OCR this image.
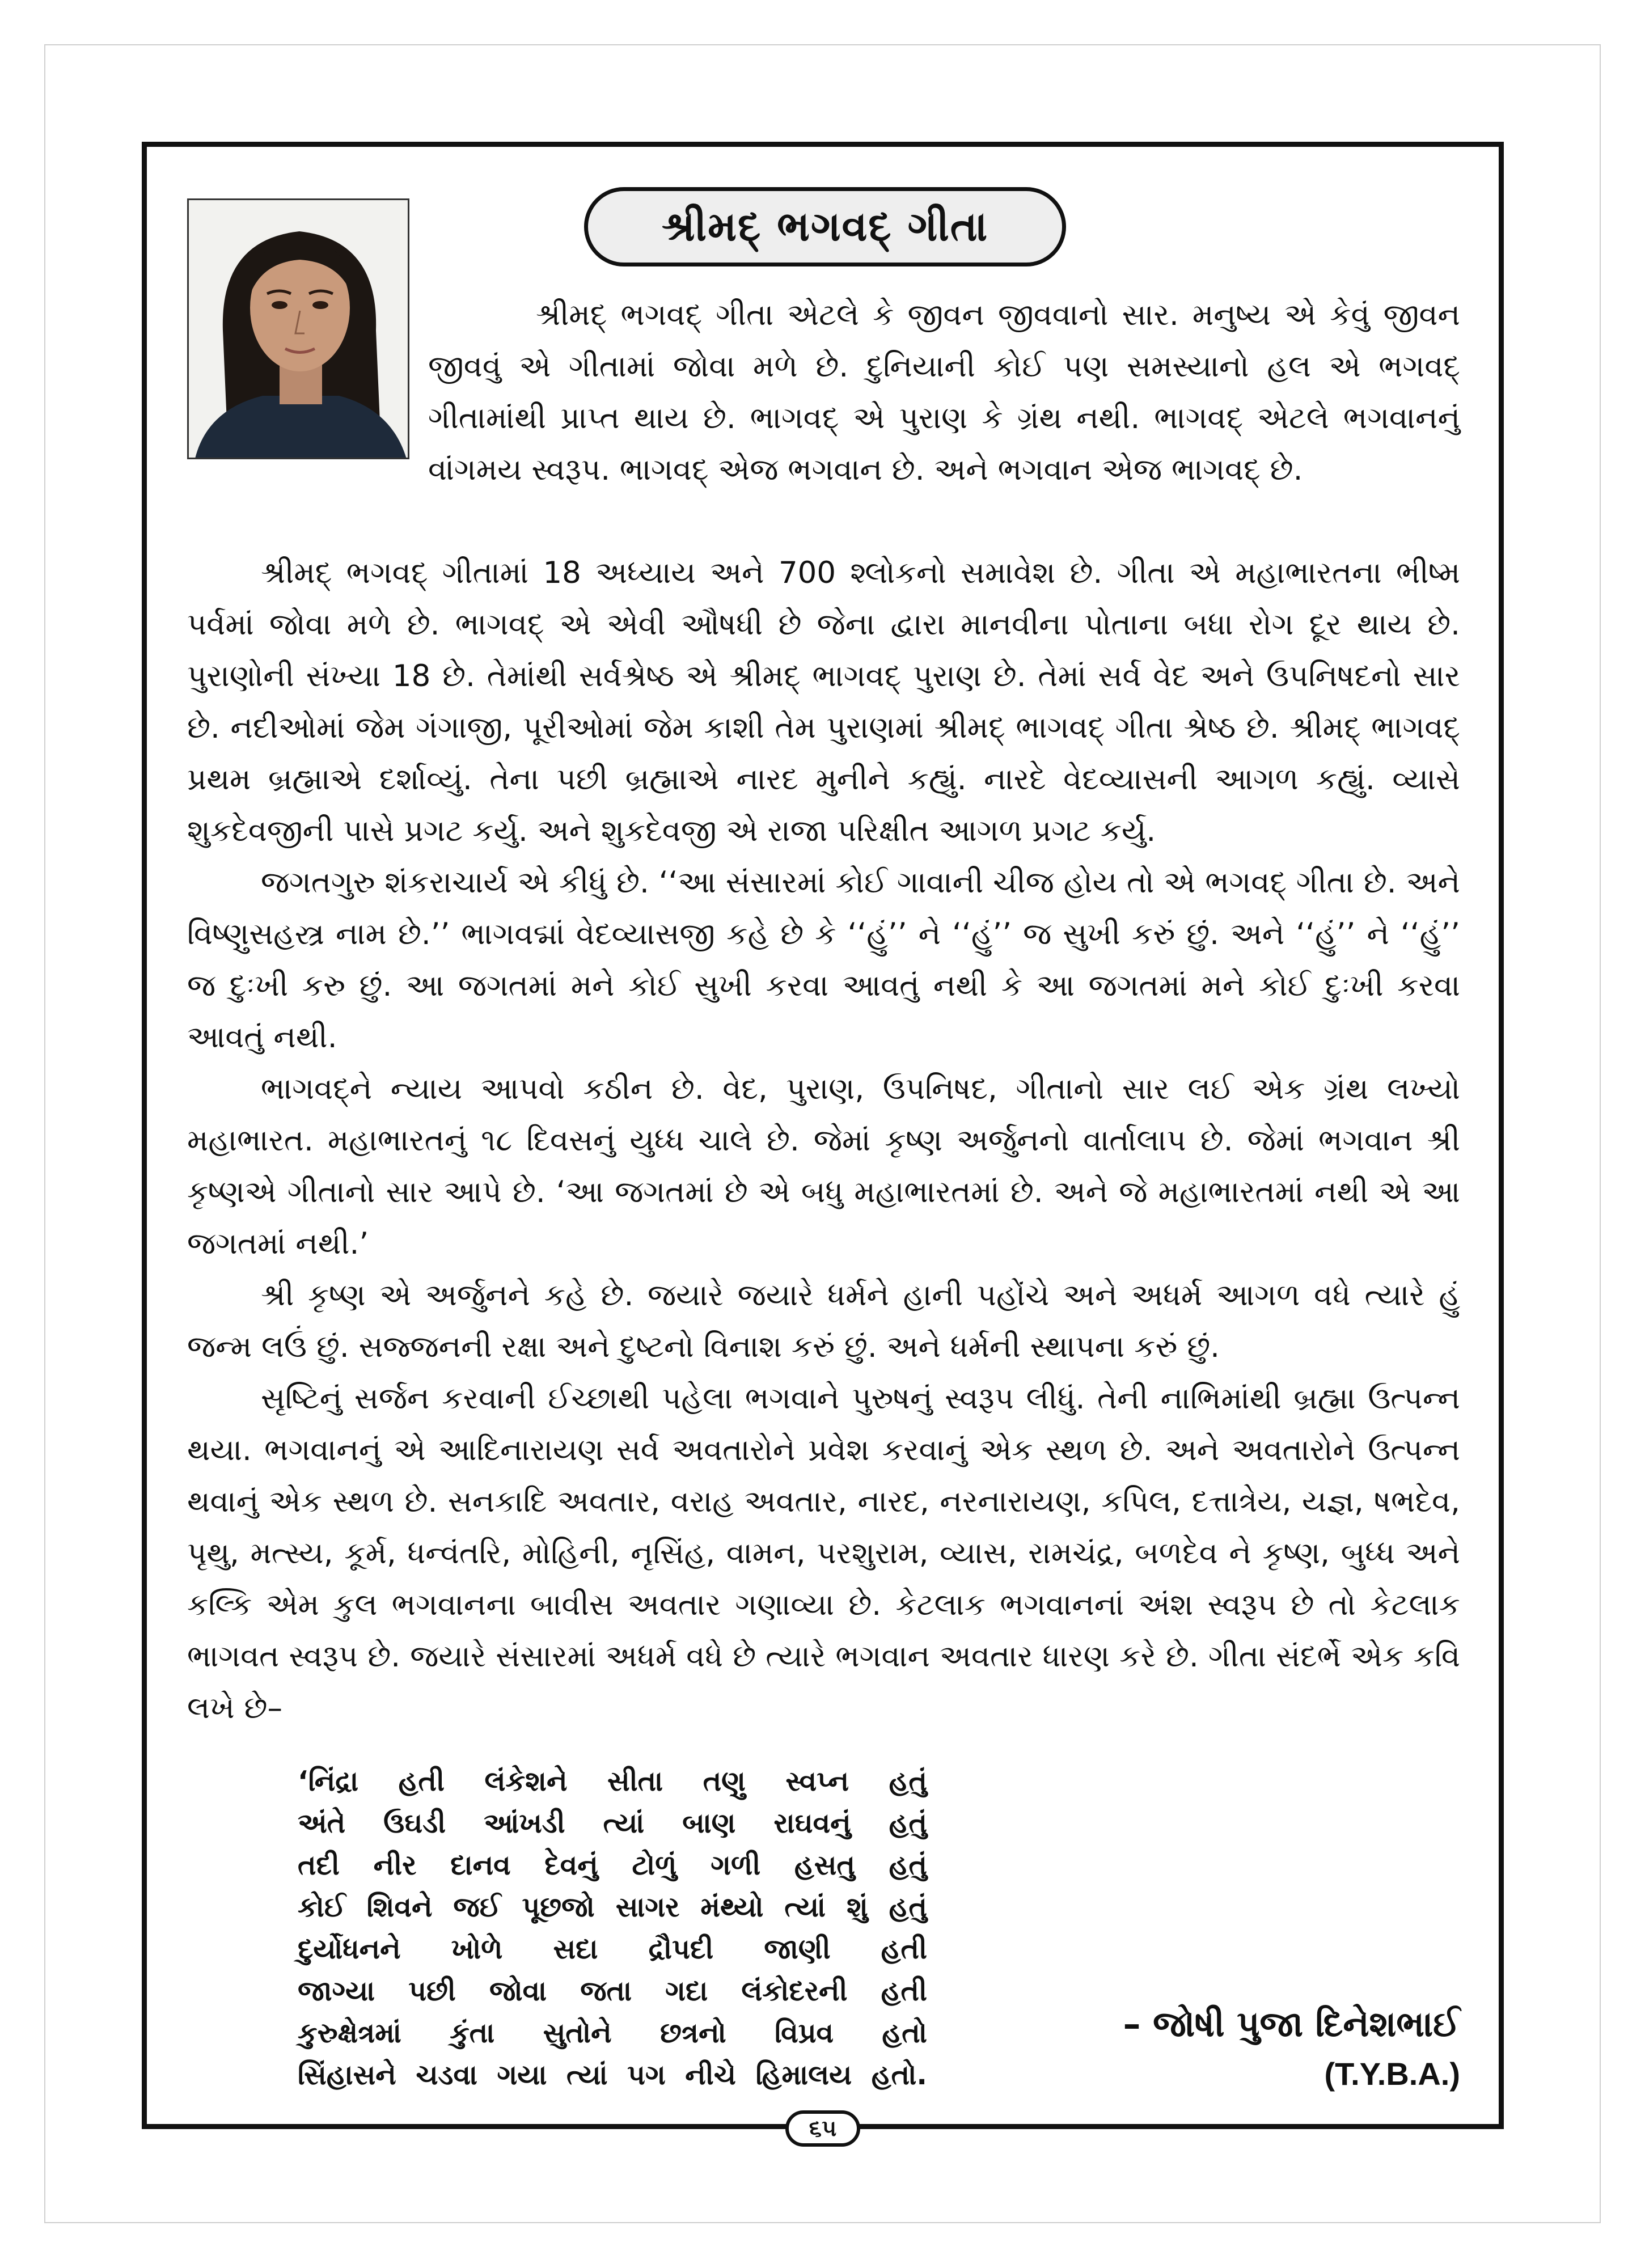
શ્રીમદ્ ભગવદ્ ગીતા

શ્રીમદ્ ભગવદ્ ગીતા એટલે કે જીવન જીવવાનો સાર. મનુષ્ય એ કેવું જીવન જીવવું એ ગીતામાં જોવા મળે છે. દુનિયાની કોઈ પણ સમસ્યાનો હલ એ ભગવદ્ ગીતામાંથી પ્રાપ્ત થાય છે. ભાગવદ્ એ પુરાણ કે ગ્રંથ નથી. ભાગવદ્ એટલે ભગવાનનું વાંગમય સ્વરૂપ. ભાગવદ્ એજ ભગવાન છે. અને ભગવાન એજ ભાગવદ્ છે.

શ્રીમદ્ ભગવદ્ ગીતામાં 18 અધ્યાય અને 700 શ્લોકનો સમાવેશ છે. ગીતા એ મહાભારતના ભીષ્મ પર્વમાં જોવા મળે છે. ભાગવદ્ એ એવી ઔષધી છે જેના દ્વારા માનવીના પોતાના બધા રોગ દૂર થાય છે. પુરાણોની સંખ્યા 18 છે. તેમાંથી સર્વશ્રેષ્ઠ એ શ્રીમદ્ ભાગવદ્ પુરાણ છે. તેમાં સર્વ વેદ અને ઉપનિષદનો સાર છે. નદીઓમાં જેમ ગંગાજી, પૂરીઓમાં જેમ કાશી તેમ પુરાણમાં શ્રીમદ્ ભાગવદ્ ગીતા શ્રેષ્ઠ છે. શ્રીમદ્ ભાગવદ્ પ્રથમ બ્રહ્માએ દર્શાવ્યું. તેના પછી બ્રહ્માએ નારદ મુનીને કહ્યું. નારદે વેદવ્યાસની આગળ કહ્યું. વ્યાસે શુકદેવજીની પાસે પ્રગટ કર્યુ. અને શુકદેવજી એ રાજા પરિક્ષીત આગળ પ્રગટ કર્યુ.

જગતગુરુ શંકરાચાર્ય એ કીધું છે. ‘‘આ સંસારમાં કોઈ ગાવાની ચીજ હોય તો એ ભગવદ્ ગીતા છે. અને વિષ્ણુસહસ્ત્ર નામ છે.’’ ભાગવદ્માં વેદવ્યાસજી કહે છે કે ‘‘હું’’ ને ‘‘હું’’ જ સુખી કરું છું. અને ‘‘હું’’ ને ‘‘હું’’ જ દુઃખી કરુ છું. આ જગતમાં મને કોઈ સુખી કરવા આવતું નથી કે આ જગતમાં મને કોઈ દુઃખી કરવા આવતું નથી.

ભાગવદ્ને ન્યાય આપવો કઠીન છે. વેદ, પુરાણ, ઉપનિષદ, ગીતાનો સાર લઈ એક ગ્રંથ લખ્યો મહાભારત. મહાભારતનું ૧૮ દિવસનું યુધ્ધ ચાલે છે. જેમાં કૃષ્ણ અર્જુનનો વાર્તાલાપ છે. જેમાં ભગવાન શ્રી કૃષ્ણએ ગીતાનો સાર આપે છે. ‘આ જગતમાં છે એ બધુ મહાભારતમાં છે. અને જે મહાભારતમાં નથી એ આ જગતમાં નથી.’

શ્રી કૃષ્ણ એ અર્જુનને કહે છે. જયારે જયારે ધર્મને હાની પહોંચે અને અધર્મ આગળ વધે ત્યારે હું જન્મ લઉં છું. સજ્જનની રક્ષા અને દુષ્ટનો વિનાશ કરું છું. અને ધર્મની સ્થાપના કરું છું.

સૃષ્ટિનું સર્જન કરવાની ઈચ્છાથી પહેલા ભગવાને પુરુષનું સ્વરૂપ લીધું. તેની નાભિમાંથી બ્રહ્મા ઉત્પન્ન થયા. ભગવાનનું એ આદિનારાયણ સર્વ અવતારોને પ્રવેશ કરવાનું એક સ્થળ છે. અને અવતારોને ઉત્પન્ન થવાનું એક સ્થળ છે. સનકાદિ અવતાર, વરાહ અવતાર, નારદ, નરનારાયણ, કપિલ, દત્તાત્રેય, યજ્ઞ, ષભદેવ, પૃથુ, મત્સ્ય, કૂર્મ, ધન્વંતરિ, મોહિની, નૃસિંહ, વામન, પરશુરામ, વ્યાસ, રામચંદ્ર, બળદેવ ને કૃષ્ણ, બુધ્ધ અને કલ્કિ એમ કુલ ભગવાનના બાવીસ અવતાર ગણાવ્યા છે. કેટલાક ભગવાનનાં અંશ સ્વરૂપ છે તો કેટલાક ભાગવત સ્વરૂપ છે. જયારે સંસારમાં અધર્મ વધે છે ત્યારે ભગવાન અવતાર ધારણ કરે છે. ગીતા સંદર્ભે એક કવિ લખે છે–

‘નિંદ્રા હતી લંકેશને સીતા તણુ સ્વપ્ન હતું
અંતે ઉઘડી આંખડી ત્યાં બાણ રાઘવનું હતું
તદી નીર દાનવ દેવનું ટોળું ગળી હસતુ હતું
કોઈ શિવને જઈ પૂછજો સાગર મંથ્યો ત્યાં શું હતું
દુર્યોધનને ખોળે સદા દ્રૌપદી જાણી હતી
જાગ્યા પછી જોવા જતા ગદા લંકોદરની હતી
કુરુક્ષેત્રમાં કુંતા સુતોને છત્રનો વિપ્રવ હતો
સિંહાસને ચડવા ગયા ત્યાં પગ નીચે હિમાલય હતો.
– જોષી પુજા દિનેશભાઈ
(T.Y.B.A.)
૬૫
